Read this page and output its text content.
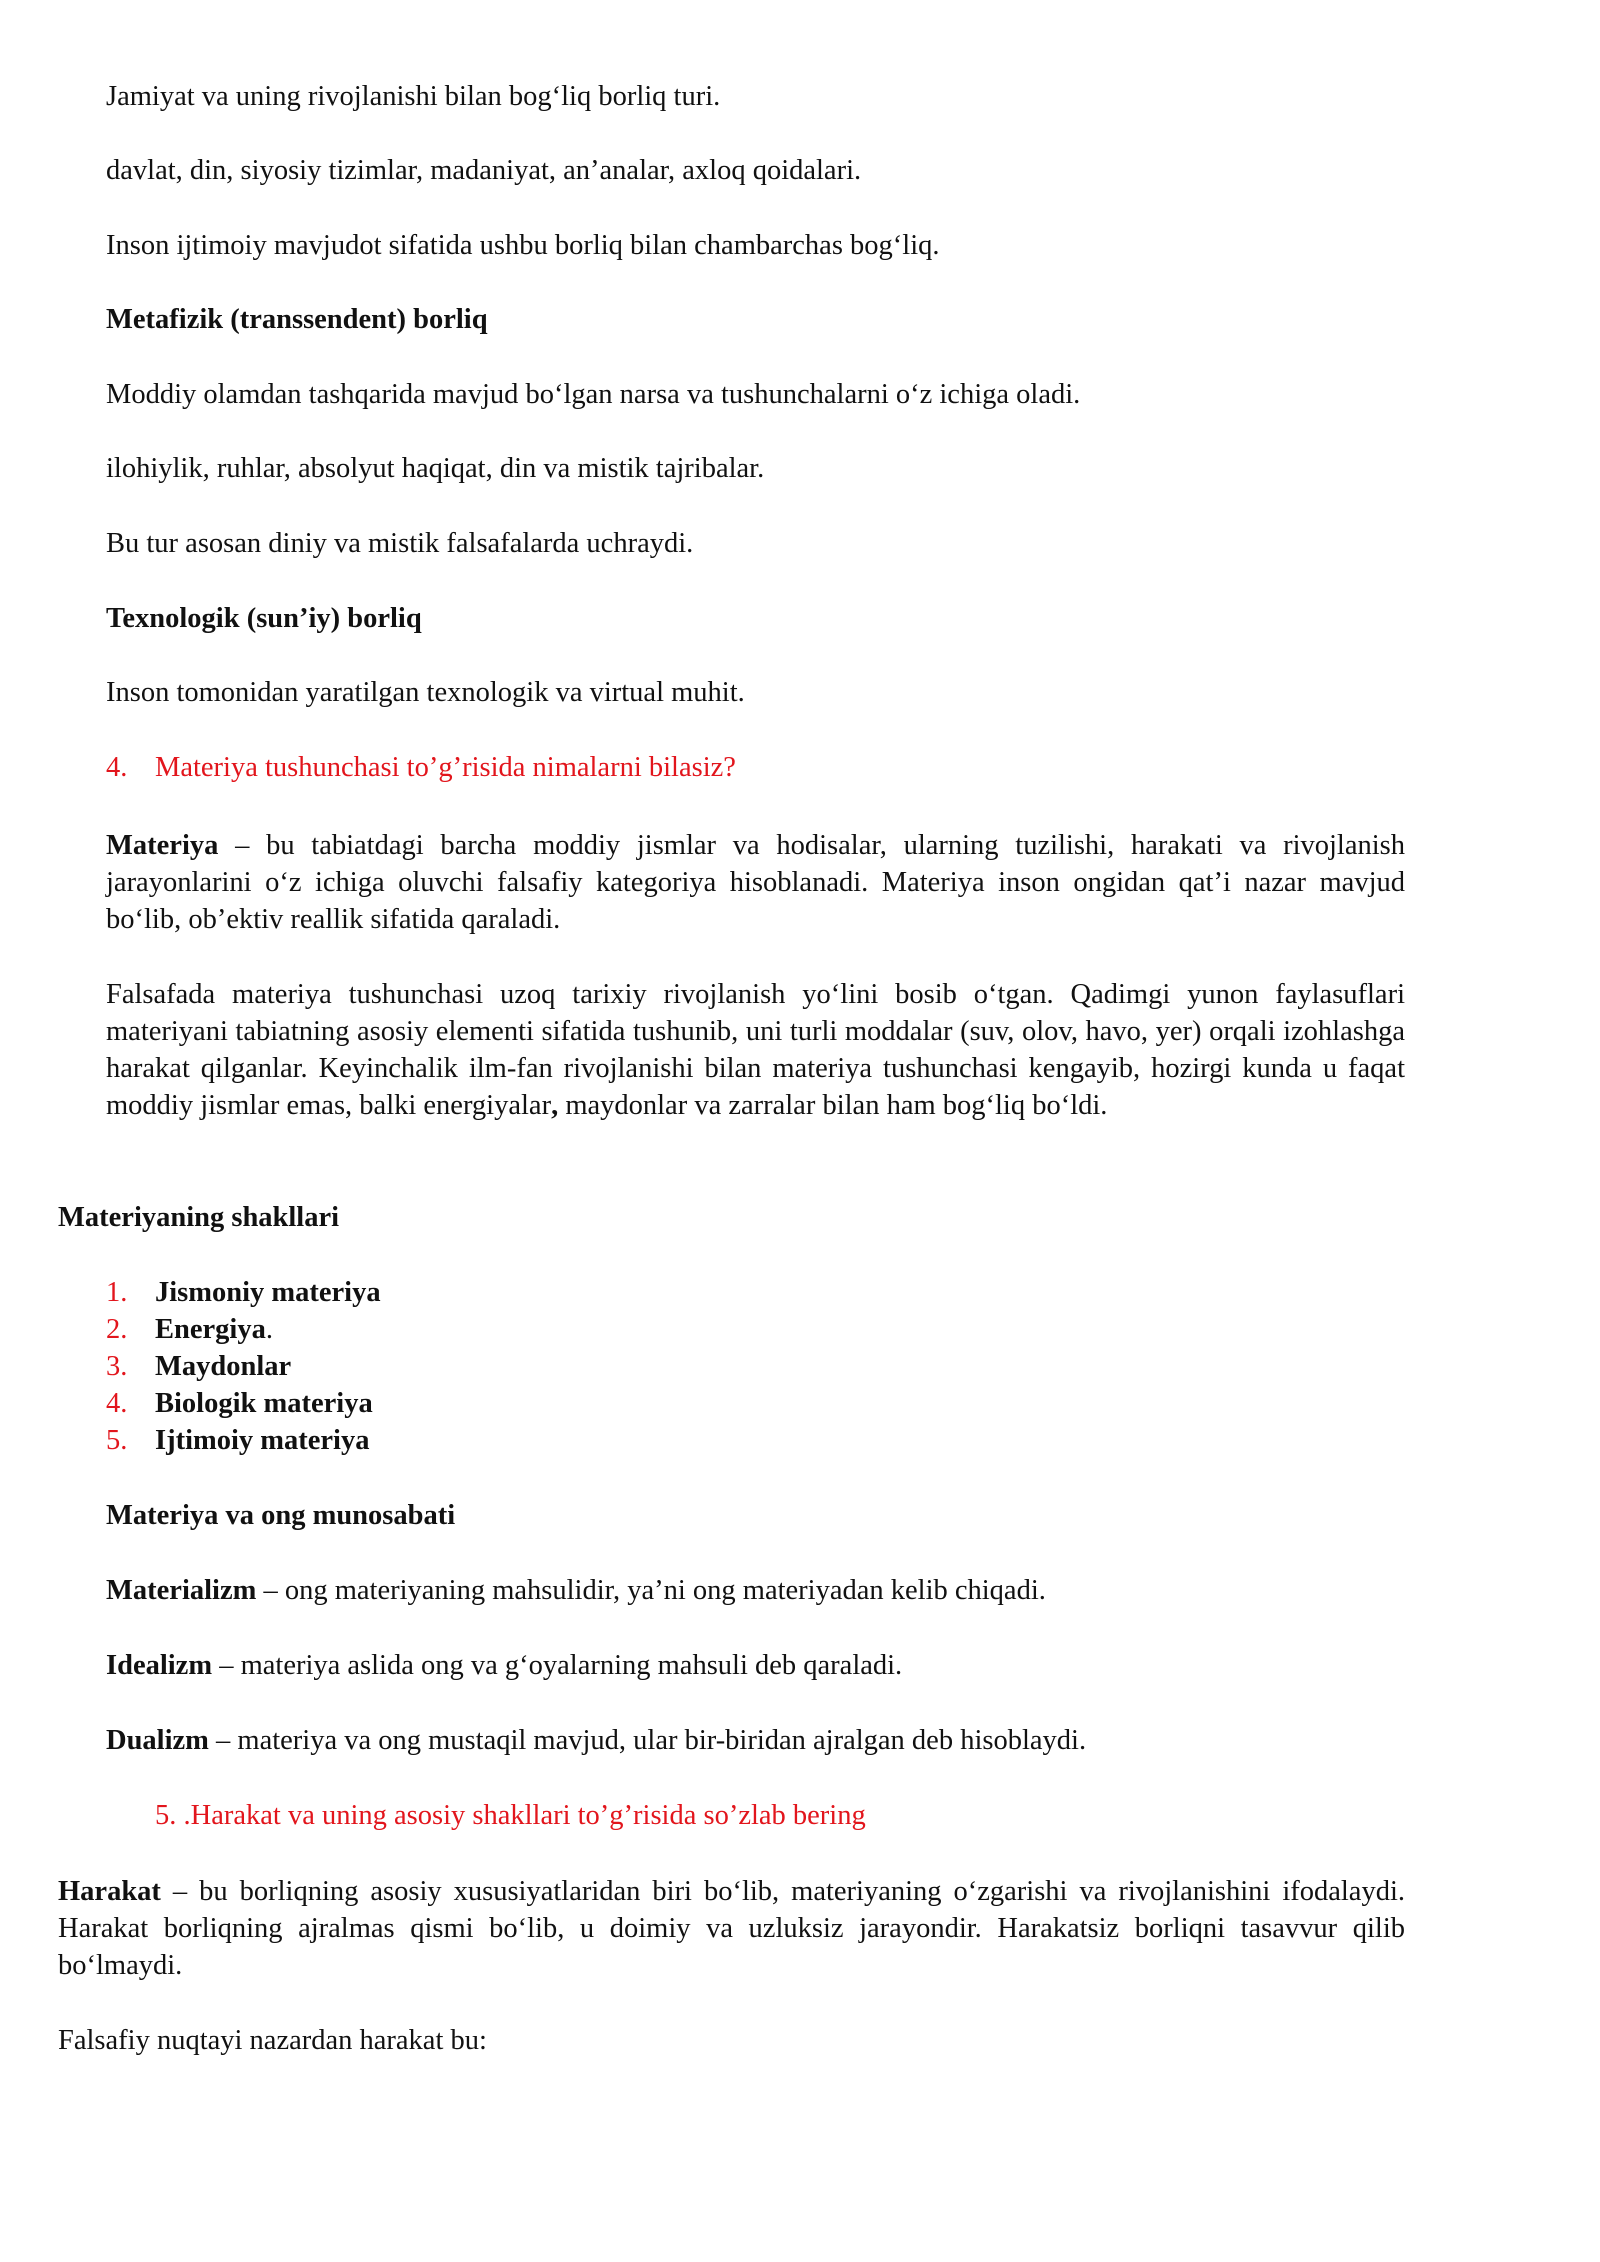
Jamiyat va uning rivojlanishi bilan bog‘liq borliq turi.

davlat, din, siyosiy tizimlar, madaniyat, an’analar, axloq qoidalari.

Inson ijtimoiy mavjudot sifatida ushbu borliq bilan chambarchas bog‘liq.

Metafizik (transsendent) borliq

Moddiy olamdan tashqarida mavjud bo‘lgan narsa va tushunchalarni o‘z ichiga oladi.

ilohiylik, ruhlar, absolyut haqiqat, din va mistik tajribalar.

Bu tur asosan diniy va mistik falsafalarda uchraydi.

Texnologik (sun’iy) borliq

Inson tomonidan yaratilgan texnologik va virtual muhit.

4. Materiya tushunchasi to’g’risida nimalarni bilasiz?

Materiya – bu tabiatdagi barcha moddiy jismlar va hodisalar, ularning tuzilishi, harakati va rivojlanish jarayonlarini o‘z ichiga oluvchi falsafiy kategoriya hisoblanadi. Materiya inson ongidan qat’i nazar mavjud bo‘lib, ob’ektiv reallik sifatida qaraladi.

Falsafada materiya tushunchasi uzoq tarixiy rivojlanish yo‘lini bosib o‘tgan. Qadimgi yunon faylasuflari materiyani tabiatning asosiy elementi sifatida tushunib, uni turli moddalar (suv, olov, havo, yer) orqali izohlashga harakat qilganlar. Keyinchalik ilm-fan rivojlanishi bilan materiya tushunchasi kengayib, hozirgi kunda u faqat moddiy jismlar emas, balki energiyalar, maydonlar va zarralar bilan ham bog‘liq bo‘ldi.

Materiyaning shakllari

1. Jismoniy materiya

2. Energiya.

3. Maydonlar

4. Biologik materiya

5. Ijtimoiy materiya

Materiya va ong munosabati

Materializm – ong materiyaning mahsulidir, ya’ni ong materiyadan kelib chiqadi.

Idealizm – materiya aslida ong va g‘oyalarning mahsuli deb qaraladi.

Dualizm – materiya va ong mustaqil mavjud, ular bir-biridan ajralgan deb hisoblaydi.

5. .Harakat va uning asosiy shakllari to’g’risida so’zlab bering

Harakat – bu borliqning asosiy xususiyatlaridan biri bo‘lib, materiyaning o‘zgarishi va rivojlanishini ifodalaydi. Harakat borliqning ajralmas qismi bo‘lib, u doimiy va uzluksiz jarayondir. Harakatsiz borliqni tasavvur qilib bo‘lmaydi.

Falsafiy nuqtayi nazardan harakat bu:
